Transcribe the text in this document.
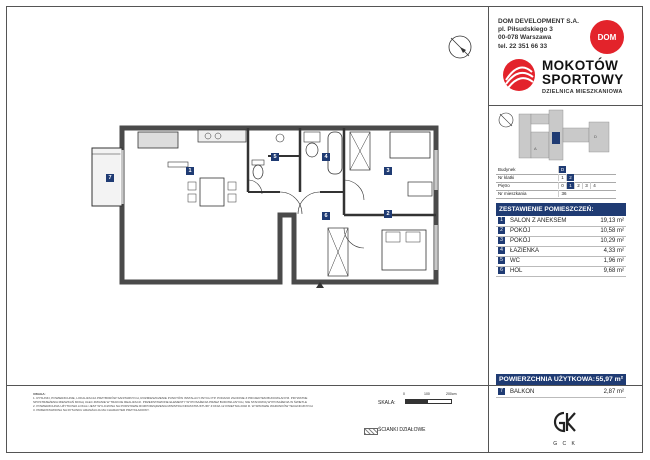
DOM DEVELOPMENT S.A.
pl. Piłsudskiego 3
00-078 Warszawa
tel. 22 351 66 33
DOM
MOKOTÓW
SPORTOWY
DZIELNICA MIESZKANIOWA
A
D
Budynek	D
Nr klatki	1	2
Piętro	0	1	2	3	4
Nr mieszkania	36
ZESTAWIENIE POMIESZCZEŃ:
1	SALON Z ANEKSEM	19,13 m²
2	POKÓJ	10,58 m²
3	POKÓJ	10,29 m²
4	ŁAZIENKA	4,33 m²
5	WC	1,96 m²
6	HOL	9,68 m²
POWIERZCHNIA UŻYTKOWA: 55,97 m²
7	BALKON	2,87 m²
G C K
UWAGA:
1. RYSUNKI, POWIERZCHNIE, LOKALIZACJA PRZYBORÓW SANITARNYCH, ROZMIESZCZENIE PUNKTÓW INSTALACYJNYCH ITP. PODANO ZGODNIE Z PROJEKTEM BUDOWLANYM. PRYWATNE
SPOSTRZEŻENIA MIESZKAŃ MOGĄ ULEC ZMIANIE W TRAKCIE REALIZACJI. PRZEDSTAWIONE ELEMENTY WYPOSAŻENIA PRZEZ BUDOWLANYCH, NIE STANOWIĄ WYPOSAŻENIA W ŚWIETLE
2. POWIERZCHNIA UŻYTKOWA LOKALI JEST WYLICZONA NA PODSTAWIE ROZPORZĄDZENIA MINISTRA INFRASTRUKTURY Z DNIA 12 KWIETNIA 2002 R. W SPRAWIE WARUNKÓW TECHNICZNYCH
3. PRZEDSTAWIONA NA RYSUNKU ARANŻACJA MA CHARAKTER PRZYKŁADOWY.
SKALA:
0	100	200cm
ŚCIANKI DZIAŁOWE
1
2
3
4
5
6
7
